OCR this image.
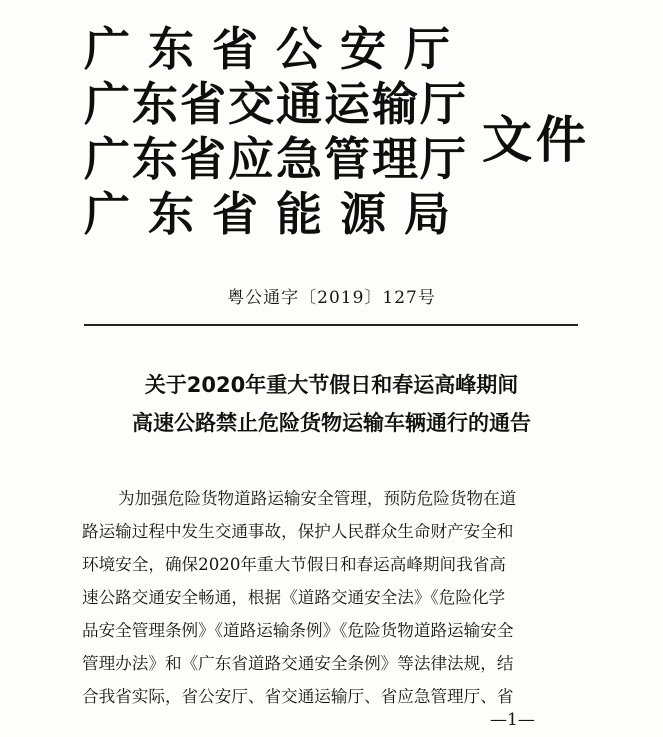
广东省公安厅
广东省交通运输厅
广东省应急管理厅
广东省能源局
文件
粤公通字〔2019〕127号
关于2020年重大节假日和春运高峰期间
高速公路禁止危险货物运输车辆通行的通告
为加强危险货物道路运输安全管理，预防危险货物在道
路运输过程中发生交通事故，保护人民群众生命财产安全和
环境安全，确保2020年重大节假日和春运高峰期间我省高
速公路交通安全畅通，根据《道路交通安全法》《危险化学
品安全管理条例》《道路运输条例》《危险货物道路运输安全
管理办法》和《广东省道路交通安全条例》等法律法规，结
合我省实际，省公安厅、省交通运输厅、省应急管理厅、省
—1—
